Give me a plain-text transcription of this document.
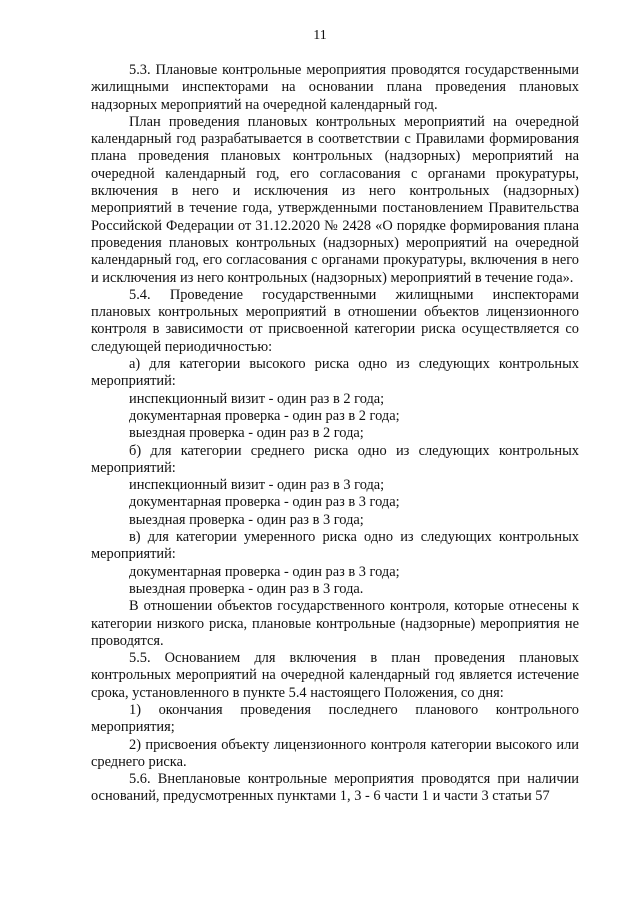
11

5.3. Плановые контрольные мероприятия проводятся государственными жилищными инспекторами на основании плана проведения плановых надзорных мероприятий на очередной календарный год.

План проведения плановых контрольных мероприятий на очередной календарный год разрабатывается в соответствии с Правилами формирования плана проведения плановых контрольных (надзорных) мероприятий на очередной календарный год, его согласования с органами прокуратуры, включения в него и исключения из него контрольных (надзорных) мероприятий в течение года, утвержденными постановлением Правительства Российской Федерации от 31.12.2020 № 2428 «О порядке формирования плана проведения плановых контрольных (надзорных) мероприятий на очередной календарный год, его согласования с органами прокуратуры, включения в него и исключения из него контрольных (надзорных) мероприятий в течение года».

5.4. Проведение государственными жилищными инспекторами плановых контрольных мероприятий в отношении объектов лицензионного контроля в зависимости от присвоенной категории риска осуществляется со следующей периодичностью:

а) для категории высокого риска одно из следующих контрольных мероприятий:

инспекционный визит - один раз в 2 года;

документарная проверка - один раз в 2 года;

выездная проверка - один раз в 2 года;

б) для категории среднего риска одно из следующих контрольных мероприятий:

инспекционный визит - один раз в 3 года;

документарная проверка - один раз в 3 года;

выездная проверка - один раз в 3 года;

в) для категории умеренного риска одно из следующих контрольных мероприятий:

документарная проверка - один раз в 3 года;

выездная проверка - один раз в 3 года.

В отношении объектов государственного контроля, которые отнесены к категории низкого риска, плановые контрольные (надзорные) мероприятия не проводятся.

5.5. Основанием для включения в план проведения плановых контрольных мероприятий на очередной календарный год является истечение срока, установленного в пункте 5.4 настоящего Положения, со дня:

1) окончания проведения последнего планового контрольного мероприятия;

2) присвоения объекту лицензионного контроля категории высокого или среднего риска.

5.6. Внеплановые контрольные мероприятия проводятся при наличии оснований, предусмотренных пунктами 1, 3 - 6 части 1 и части 3 статьи 57
